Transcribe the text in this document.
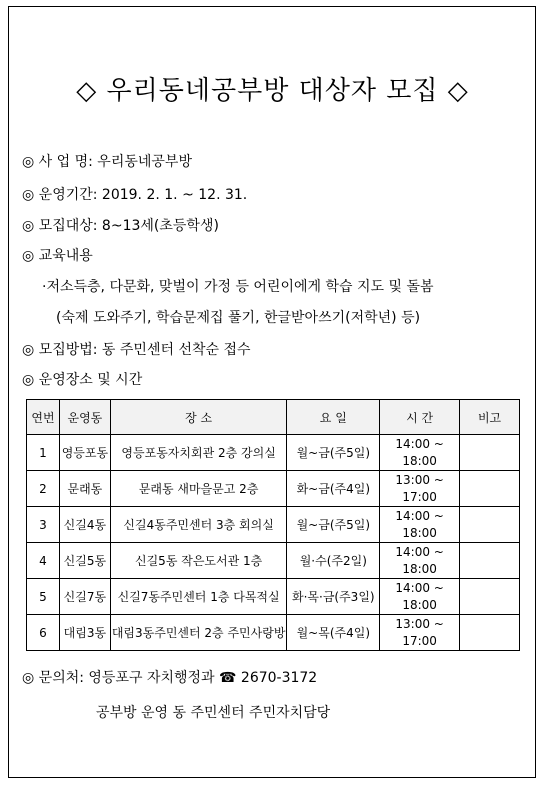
◇ 우리동네공부방 대상자 모집 ◇
◎ 사 업 명: 우리동네공부방
◎ 운영기간: 2019. 2. 1. ~ 12. 31.
◎ 모집대상: 8~13세(초등학생)
◎ 교육내용
·저소득층, 다문화, 맞벌이 가정 등 어린이에게 학습 지도 및 돌봄
(숙제 도와주기, 학습문제집 풀기, 한글받아쓰기(저학년) 등)
◎ 모집방법: 동 주민센터 선착순 접수
◎ 운영장소 및 시간
연번	운영동	장 소	요 일	시 간	비고
1	영등포동	영등포동자치회관 2층 강의실	월~금(주5일)	14:00 ~
18:00	

2	문래동	문래동 새마을문고 2층	화~금(주4일)	13:00 ~
17:00	

3	신길4동	신길4동주민센터 3층 회의실	월~금(주5일)	14:00 ~
18:00	

4	신길5동	신길5동 작은도서관 1층	월·수(주2일)	14:00 ~
18:00	

5	신길7동	신길7동주민센터 1층 다목적실	화·목·금(주3일)	14:00 ~
18:00	

6	대림3동	대림3동주민센터 2층 주민사랑방	월~목(주4일)	13:00 ~
17:00	

◎ 문의처: 영등포구 자치행정과 ☎ 2670-3172
공부방 운영 동 주민센터 주민자치담당
